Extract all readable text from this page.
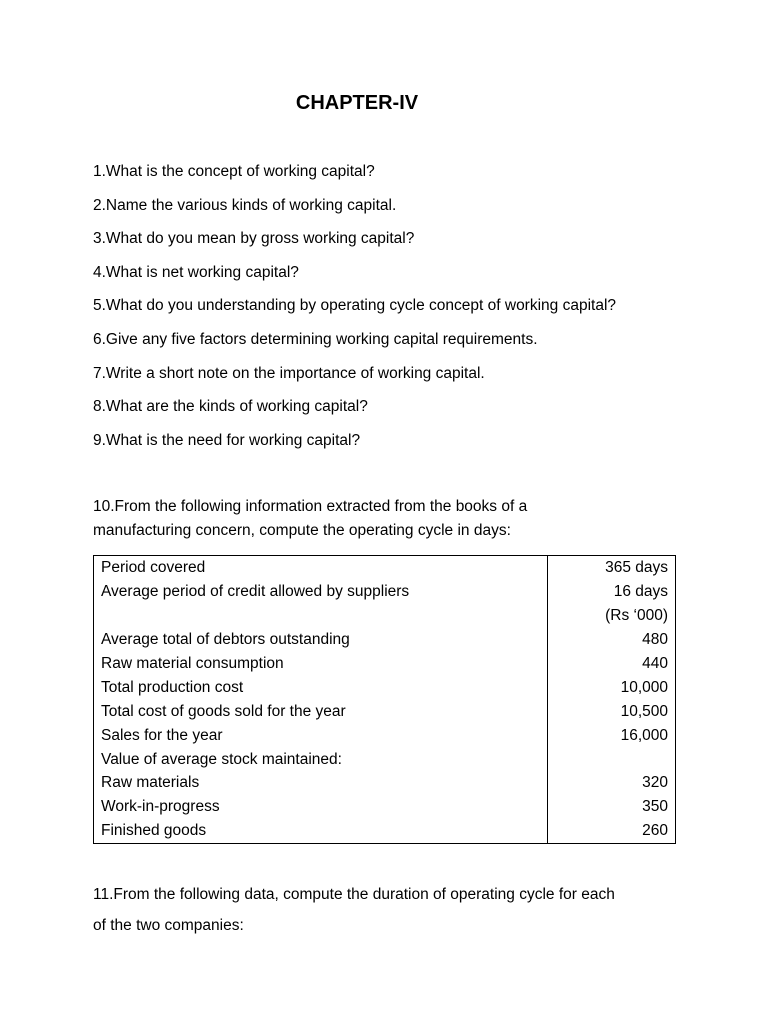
CHAPTER-IV
1.What is the concept of working capital?
2.Name the various kinds of working capital.
3.What do you mean by gross working capital?
4.What is net working capital?
5.What do you understanding by operating cycle concept of working capital?
6.Give any five factors determining working capital requirements.
7.Write a short note on the importance of working capital.
8.What are the kinds of working capital?
9.What is the need for working capital?

10.From the following information extracted from the books of a
manufacturing concern, compute the operating cycle in days:

Period covered	365 days
Average period of credit allowed by suppliers	16 days
	(Rs ‘000)
Average total of debtors outstanding	480
Raw material consumption	440
Total production cost	10,000
Total cost of goods sold for the year	10,500
Sales for the year	16,000
Value of average stock maintained:	
Raw materials	320
Work-in-progress	350
Finished goods	260

11.From the following data, compute the duration of operating cycle for each
of the two companies:
